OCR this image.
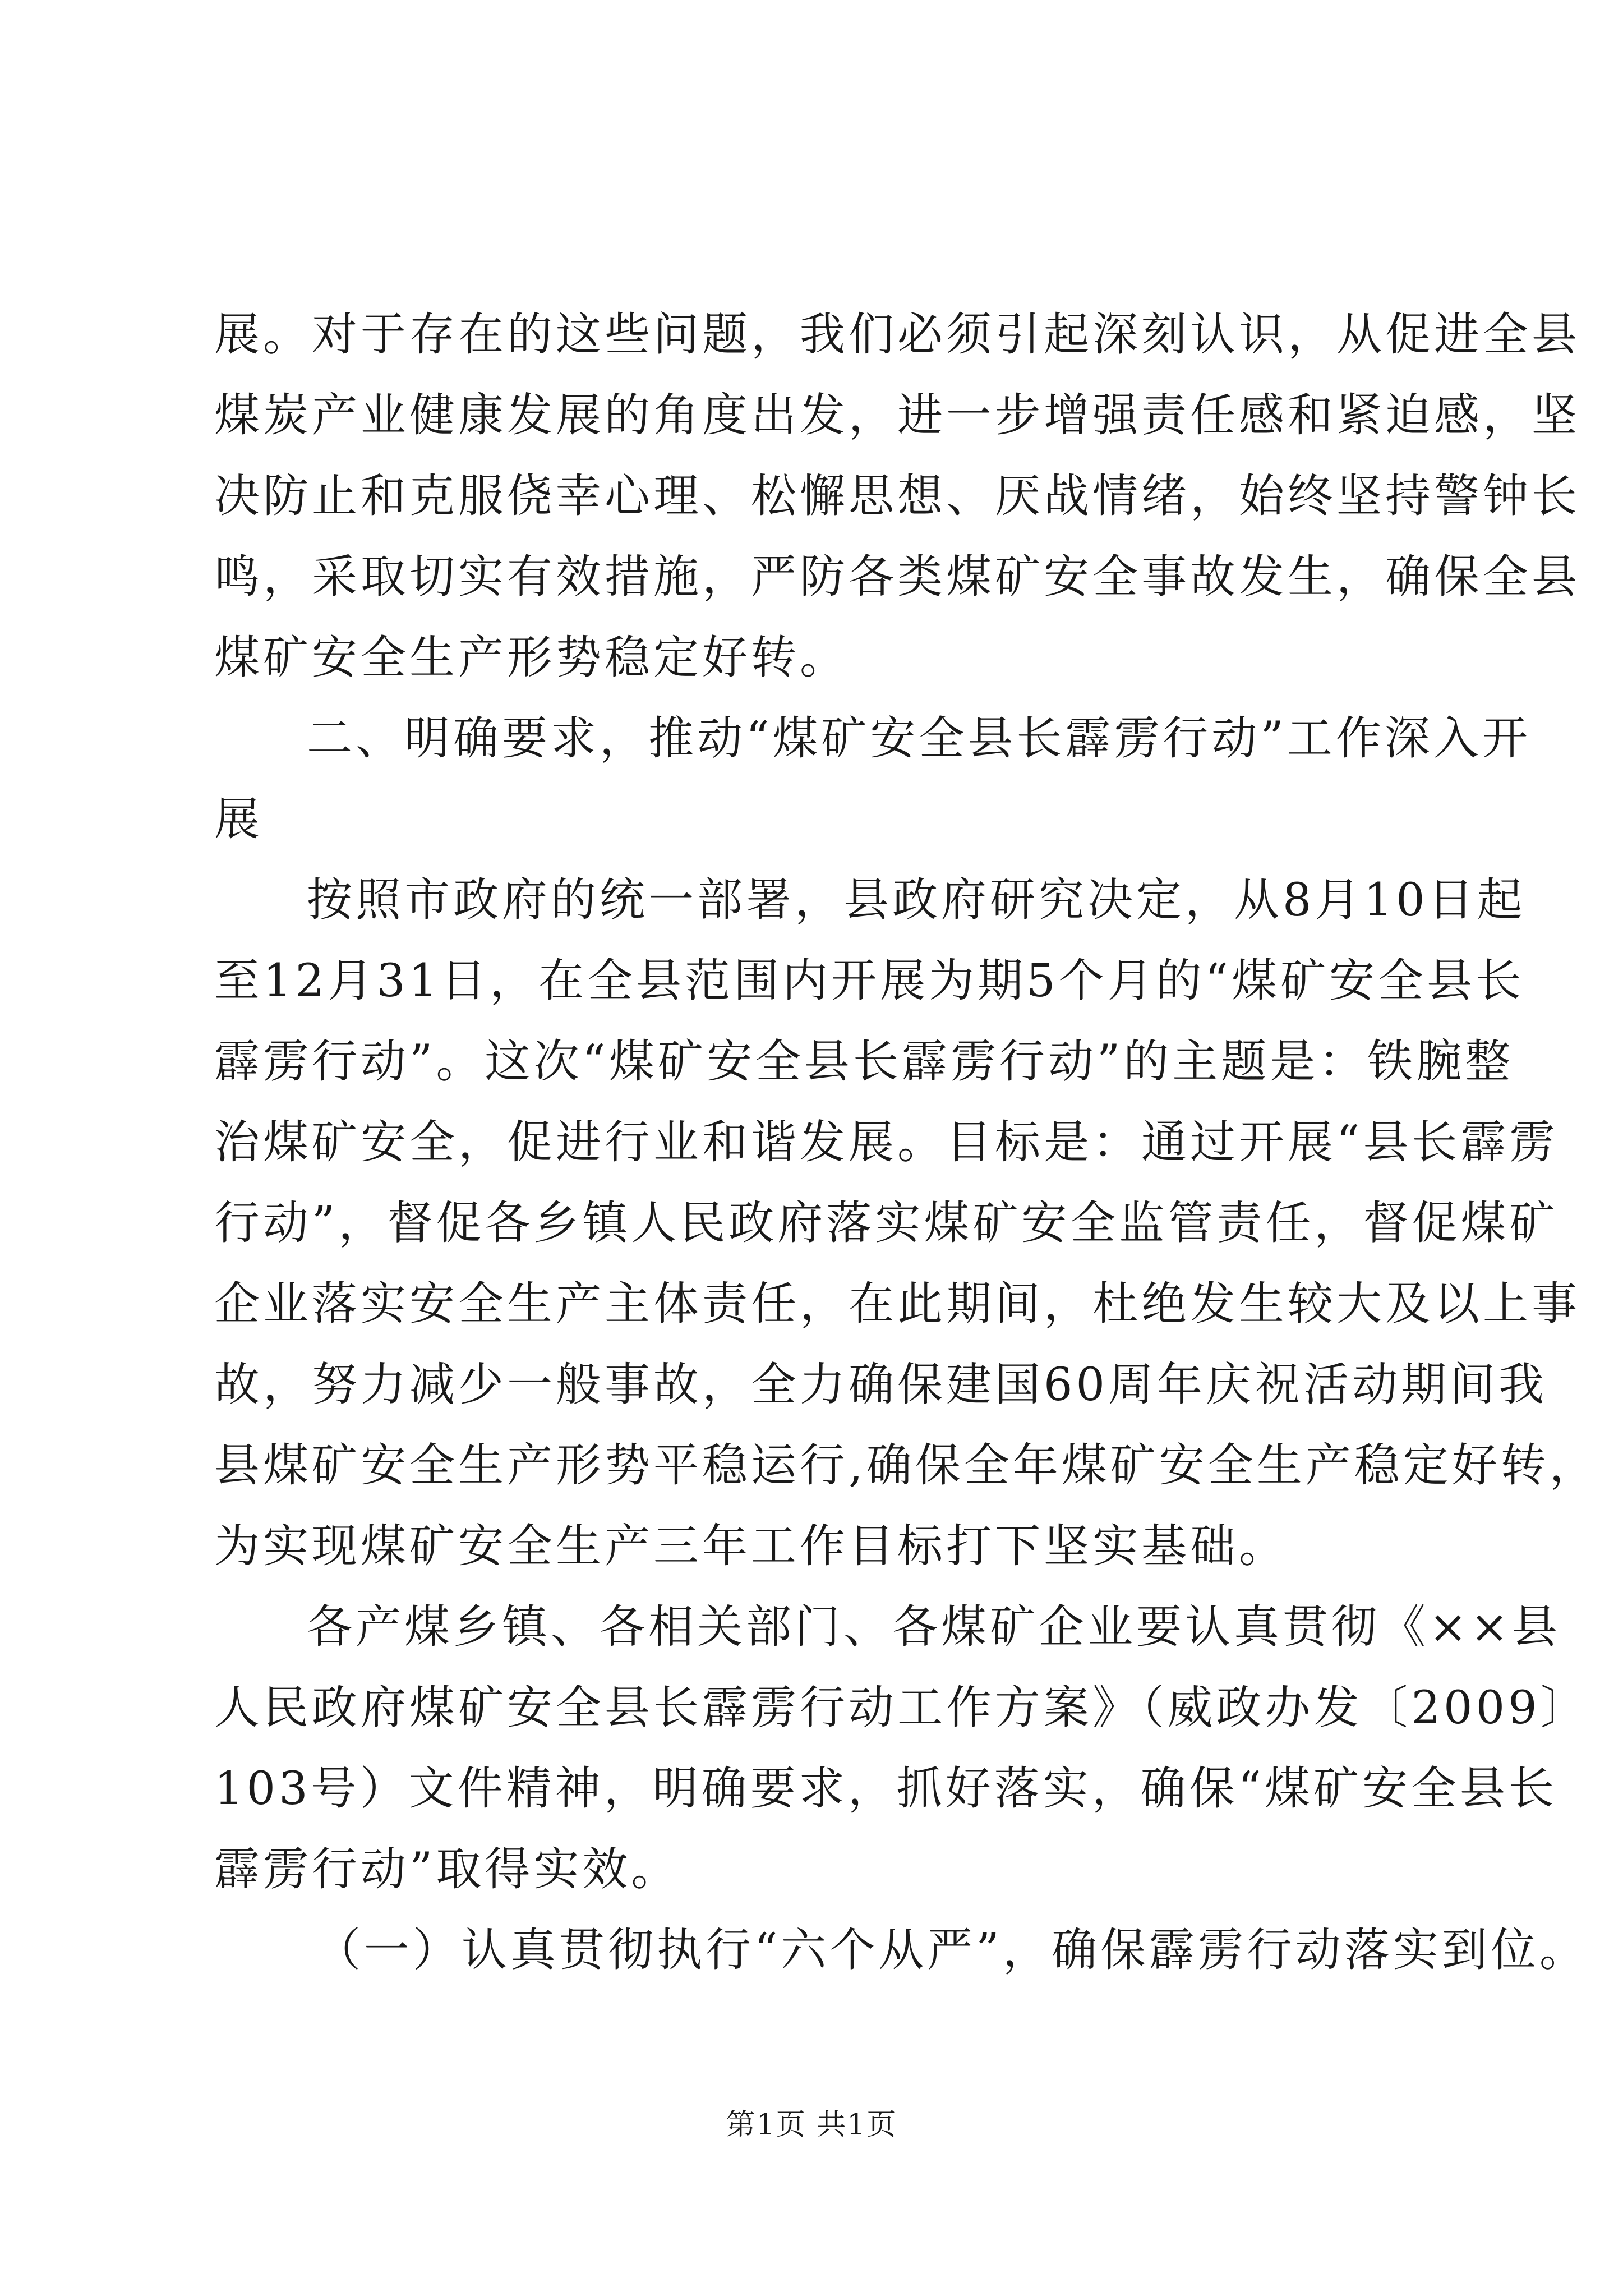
展。对于存在的这些问题，我们必须引起深刻认识，从促进全县
煤炭产业健康发展的角度出发，进一步增强责任感和紧迫感，坚
决防止和克服侥幸心理、松懈思想、厌战情绪，始终坚持警钟长
鸣，采取切实有效措施，严防各类煤矿安全事故发生，确保全县
煤矿安全生产形势稳定好转。
二、明确要求，推动“煤矿安全县长霹雳行动”工作深入开
展
按照市政府的统一部署，县政府研究决定，从8月10日起
至12月31日，在全县范围内开展为期5个月的“煤矿安全县长
霹雳行动”。这次“煤矿安全县长霹雳行动”的主题是：铁腕整
治煤矿安全，促进行业和谐发展。目标是：通过开展“县长霹雳
行动”，督促各乡镇人民政府落实煤矿安全监管责任，督促煤矿
企业落实安全生产主体责任，在此期间，杜绝发生较大及以上事
故，努力减少一般事故，全力确保建国60周年庆祝活动期间我
县煤矿安全生产形势平稳运行,确保全年煤矿安全生产稳定好转，
为实现煤矿安全生产三年工作目标打下坚实基础。
各产煤乡镇、各相关部门、各煤矿企业要认真贯彻《××县
人民政府煤矿安全县长霹雳行动工作方案》（威政办发〔2009〕
103号）文件精神，明确要求，抓好落实，确保“煤矿安全县长
霹雳行动”取得实效。
（一）认真贯彻执行“六个从严”，确保霹雳行动落实到位。
第1页 共1页
